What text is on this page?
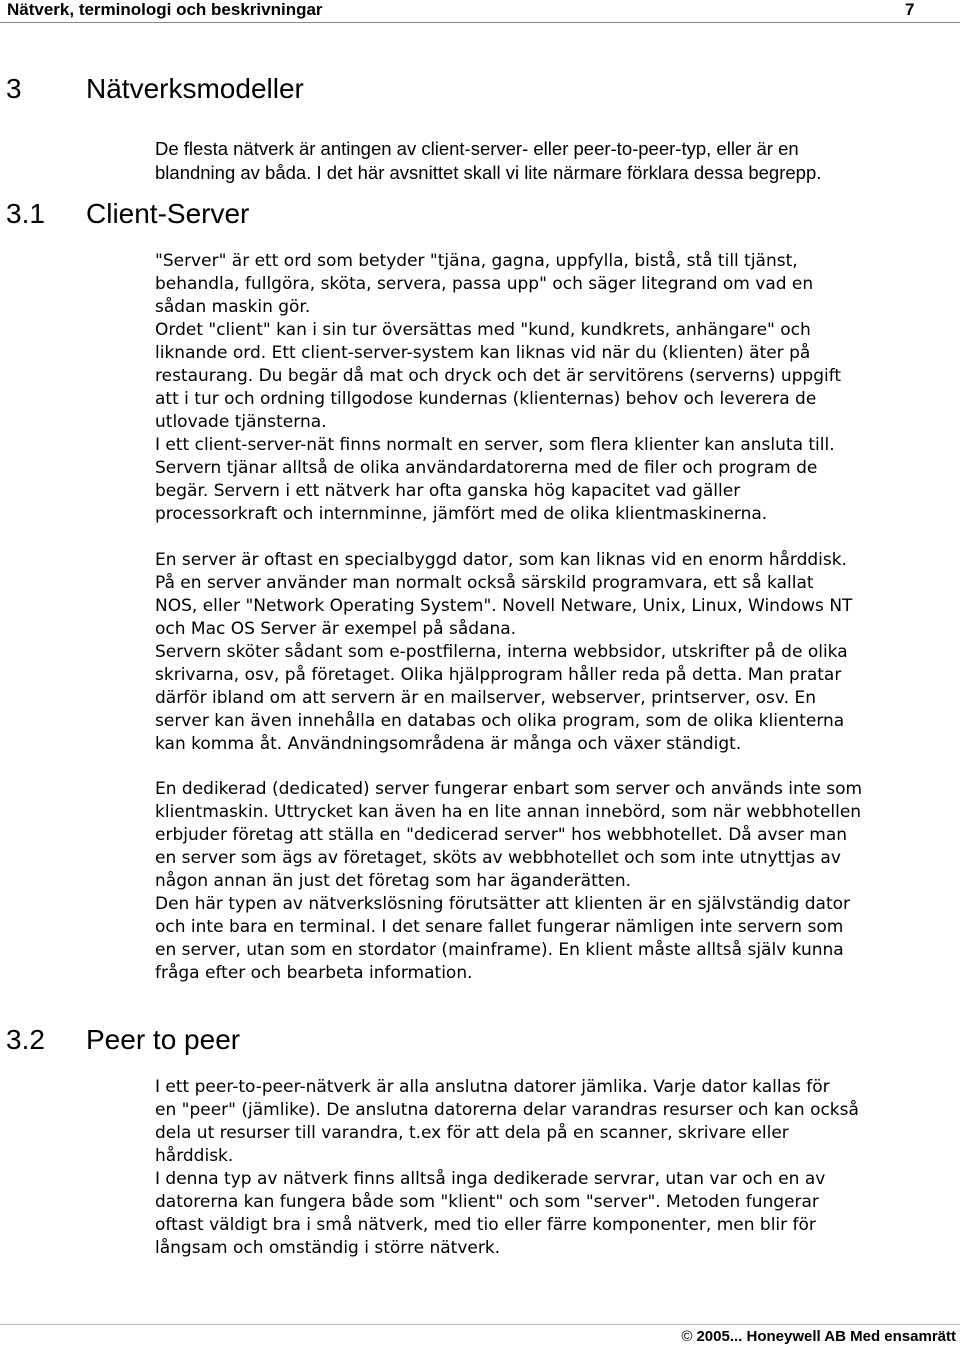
Nätverk, terminologi och beskrivningar	7
3 Nätverksmodeller

De flesta nätverk är antingen av client-server- eller peer-to-peer-typ, eller är en

blandning av båda. I det här avsnittet skall vi lite närmare förklara dessa begrepp.

3.1 Client-Server

"Server" är ett ord som betyder "tjäna, gagna, uppfylla, bistå, stå till tjänst,

behandla, fullgöra, sköta, servera, passa upp" och säger litegrand om vad en

sådan maskin gör.

Ordet "client" kan i sin tur översättas med "kund, kundkrets, anhängare" och

liknande ord. Ett client-server-system kan liknas vid när du (klienten) äter på

restaurang. Du begär då mat och dryck och det är servitörens (serverns) uppgift

att i tur och ordning tillgodose kundernas (klienternas) behov och leverera de

utlovade tjänsterna.

I ett client-server-nät finns normalt en server, som flera klienter kan ansluta till.

Servern tjänar alltså de olika användardatorerna med de filer och program de

begär. Servern i ett nätverk har ofta ganska hög kapacitet vad gäller

processorkraft och internminne, jämfört med de olika klientmaskinerna.

En server är oftast en specialbyggd dator, som kan liknas vid en enorm hårddisk.

På en server använder man normalt också särskild programvara, ett så kallat

NOS, eller "Network Operating System". Novell Netware, Unix, Linux, Windows NT

och Mac OS Server är exempel på sådana.

Servern sköter sådant som e-postfilerna, interna webbsidor, utskrifter på de olika

skrivarna, osv, på företaget. Olika hjälpprogram håller reda på detta. Man pratar

därför ibland om att servern är en mailserver, webserver, printserver, osv. En

server kan även innehålla en databas och olika program, som de olika klienterna

kan komma åt. Användningsområdena är många och växer ständigt.

En dedikerad (dedicated) server fungerar enbart som server och används inte som

klientmaskin. Uttrycket kan även ha en lite annan innebörd, som när webbhotellen

erbjuder företag att ställa en "dedicerad server" hos webbhotellet. Då avser man

en server som ägs av företaget, sköts av webbhotellet och som inte utnyttjas av

någon annan än just det företag som har äganderätten.

Den här typen av nätverkslösning förutsätter att klienten är en självständig dator

och inte bara en terminal. I det senare fallet fungerar nämligen inte servern som

en server, utan som en stordator (mainframe). En klient måste alltså själv kunna

fråga efter och bearbeta information.

3.2 Peer to peer

I ett peer-to-peer-nätverk är alla anslutna datorer jämlika. Varje dator kallas för

en "peer" (jämlike). De anslutna datorerna delar varandras resurser och kan också

dela ut resurser till varandra, t.ex för att dela på en scanner, skrivare eller

hårddisk.

I denna typ av nätverk finns alltså inga dedikerade servrar, utan var och en av

datorerna kan fungera både som "klient" och som "server". Metoden fungerar

oftast väldigt bra i små nätverk, med tio eller färre komponenter, men blir för

långsam och omständig i större nätverk.

© 2005... Honeywell AB Med ensamrätt
